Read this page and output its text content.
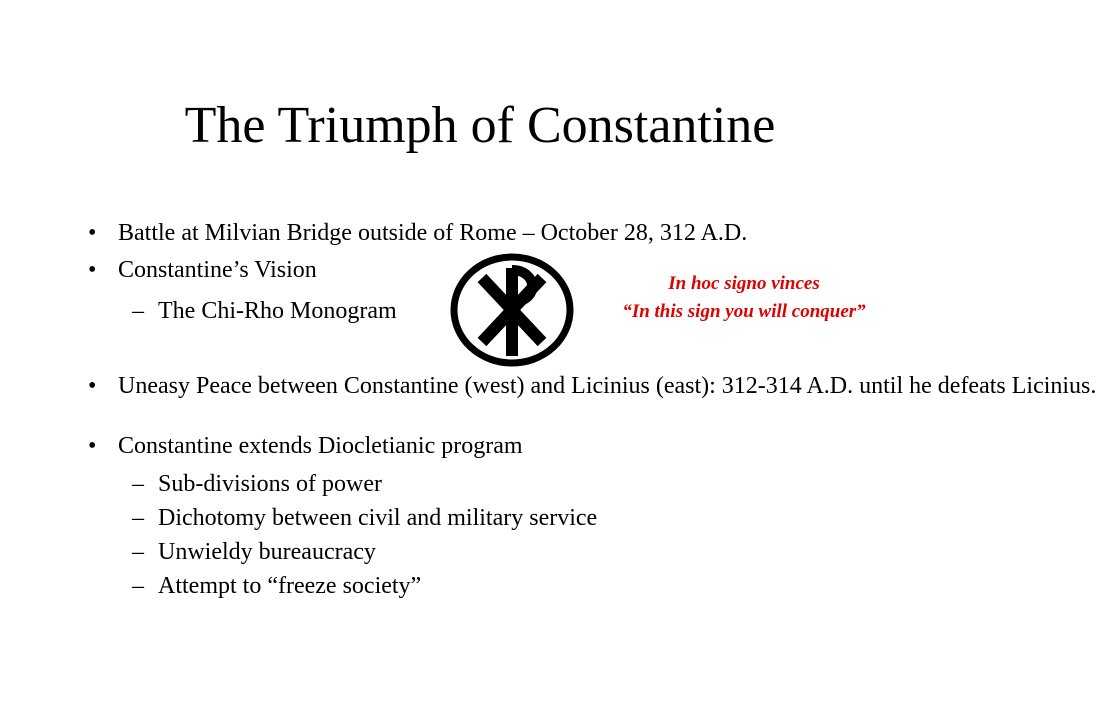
The Triumph of Constantine
• Battle at Milvian Bridge outside of Rome – October 28, 312 A.D.
• Constantine’s Vision
– The Chi-Rho Monogram
In hoc signo vinces
“In this sign you will conquer”
• Uneasy Peace between Constantine (west) and Licinius (east): 312-314 A.D. until he defeats Licinius.
• Constantine extends Diocletianic program
– Sub-divisions of power
– Dichotomy between civil and military service
– Unwieldy bureaucracy
– Attempt to “freeze society”
